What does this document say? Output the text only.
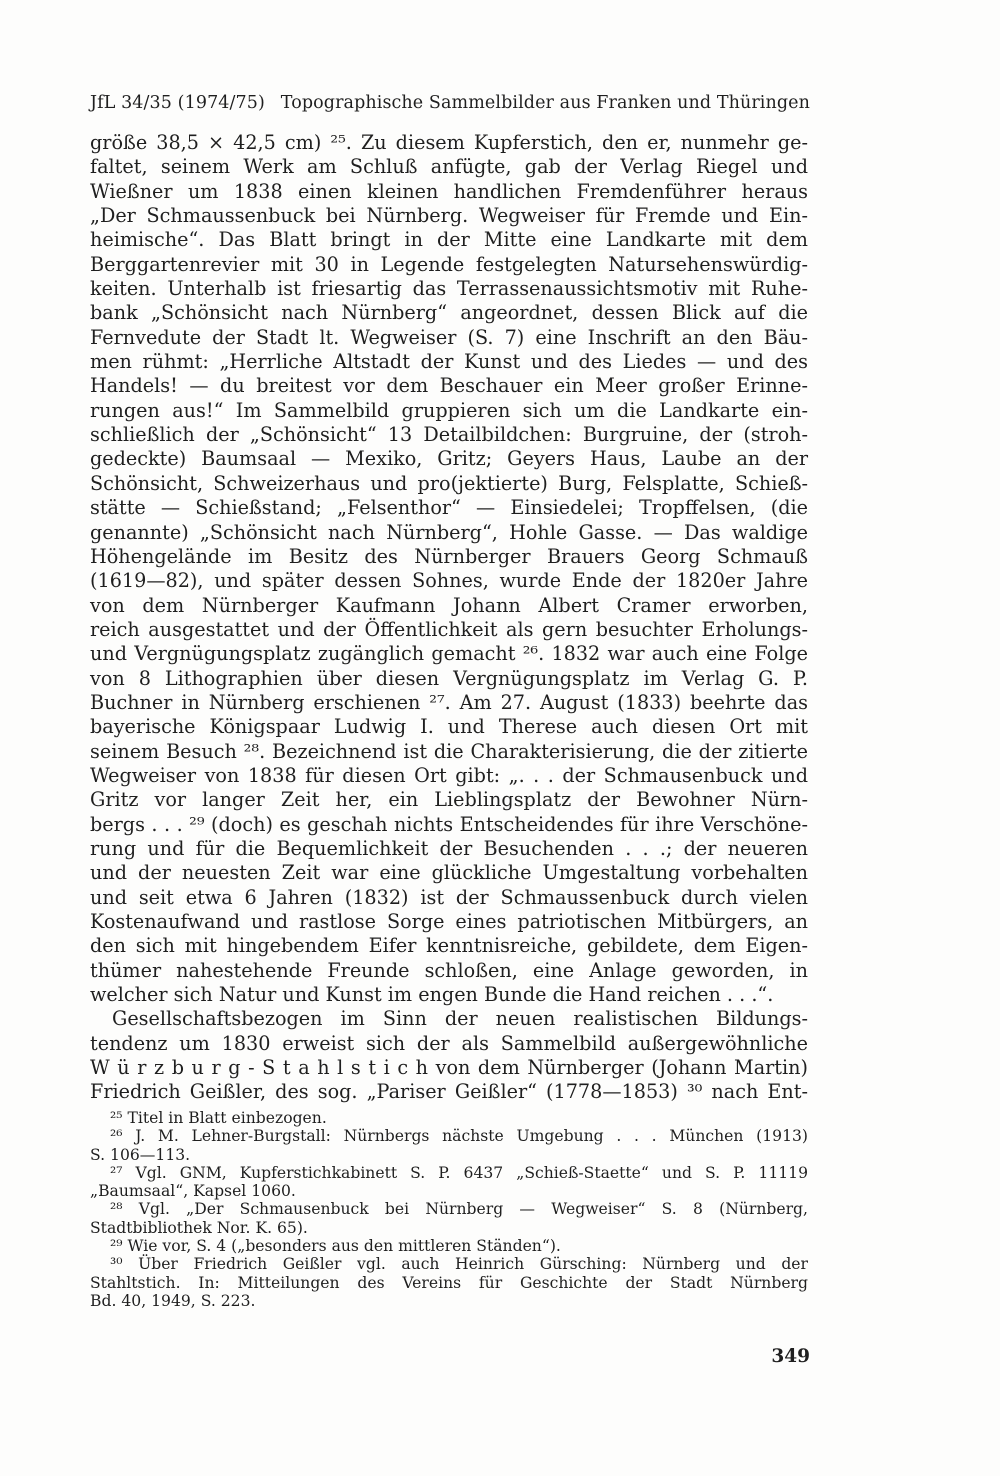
JfL 34/35 (1974/75) Topographische Sammelbilder aus Franken und Thüringen
größe 38,5 × 42,5 cm) ²⁵. Zu diesem Kupferstich, den er, nunmehr ge-
faltet, seinem Werk am Schluß anfügte, gab der Verlag Riegel und
Wießner um 1838 einen kleinen handlichen Fremdenführer heraus
„Der Schmaussenbuck bei Nürnberg. Wegweiser für Fremde und Ein-
heimische“. Das Blatt bringt in der Mitte eine Landkarte mit dem
Berggartenrevier mit 30 in Legende festgelegten Natursehenswürdig-
keiten. Unterhalb ist friesartig das Terrassenaussichtsmotiv mit Ruhe-
bank „Schönsicht nach Nürnberg“ angeordnet, dessen Blick auf die
Fernvedute der Stadt lt. Wegweiser (S. 7) eine Inschrift an den Bäu-
men rühmt: „Herrliche Altstadt der Kunst und des Liedes — und des
Handels! — du breitest vor dem Beschauer ein Meer großer Erinne-
rungen aus!“ Im Sammelbild gruppieren sich um die Landkarte ein-
schließlich der „Schönsicht“ 13 Detailbildchen: Burgruine, der (stroh-
gedeckte) Baumsaal — Mexiko, Gritz; Geyers Haus, Laube an der
Schönsicht, Schweizerhaus und pro(jektierte) Burg, Felsplatte, Schieß-
stätte — Schießstand; „Felsenthor“ — Einsiedelei; Tropffelsen, (die
genannte) „Schönsicht nach Nürnberg“, Hohle Gasse. — Das waldige
Höhengelände im Besitz des Nürnberger Brauers Georg Schmauß
(1619—82), und später dessen Sohnes, wurde Ende der 1820er Jahre
von dem Nürnberger Kaufmann Johann Albert Cramer erworben,
reich ausgestattet und der Öffentlichkeit als gern besuchter Erholungs-
und Vergnügungsplatz zugänglich gemacht ²⁶. 1832 war auch eine Folge
von 8 Lithographien über diesen Vergnügungsplatz im Verlag G. P.
Buchner in Nürnberg erschienen ²⁷. Am 27. August (1833) beehrte das
bayerische Königspaar Ludwig I. und Therese auch diesen Ort mit
seinem Besuch ²⁸. Bezeichnend ist die Charakterisierung, die der zitierte
Wegweiser von 1838 für diesen Ort gibt: „. . . der Schmausenbuck und
Gritz vor langer Zeit her, ein Lieblingsplatz der Bewohner Nürn-
bergs . . . ²⁹ (doch) es geschah nichts Entscheidendes für ihre Verschöne-
rung und für die Bequemlichkeit der Besuchenden . . .; der neueren
und der neuesten Zeit war eine glückliche Umgestaltung vorbehalten
und seit etwa 6 Jahren (1832) ist der Schmaussenbuck durch vielen
Kostenaufwand und rastlose Sorge eines patriotischen Mitbürgers, an
den sich mit hingebendem Eifer kenntnisreiche, gebildete, dem Eigen-
thümer nahestehende Freunde schloßen, eine Anlage geworden, in
welcher sich Natur und Kunst im engen Bunde die Hand reichen . . .“.
Gesellschaftsbezogen im Sinn der neuen realistischen Bildungs-
tendenz um 1830 erweist sich der als Sammelbild außergewöhnliche
W ü r z b u r g - S t a h l s t i c h von dem Nürnberger (Johann Martin)
Friedrich Geißler, des sog. „Pariser Geißler“ (1778—1853) ³⁰ nach Ent-
²⁵ Titel in Blatt einbezogen.
²⁶ J. M. Lehner-Burgstall: Nürnbergs nächste Umgebung . . . München (1913)
S. 106—113.
²⁷ Vgl. GNM, Kupferstichkabinett S. P. 6437 „Schieß-Staette“ und S. P. 11119
„Baumsaal“, Kapsel 1060.
²⁸ Vgl. „Der Schmausenbuck bei Nürnberg — Wegweiser“ S. 8 (Nürnberg,
Stadtbibliothek Nor. K. 65).
²⁹ Wie vor, S. 4 („besonders aus den mittleren Ständen“).
³⁰ Über Friedrich Geißler vgl. auch Heinrich Gürsching: Nürnberg und der
Stahltstich. In: Mitteilungen des Vereins für Geschichte der Stadt Nürnberg
Bd. 40, 1949, S. 223.
349
